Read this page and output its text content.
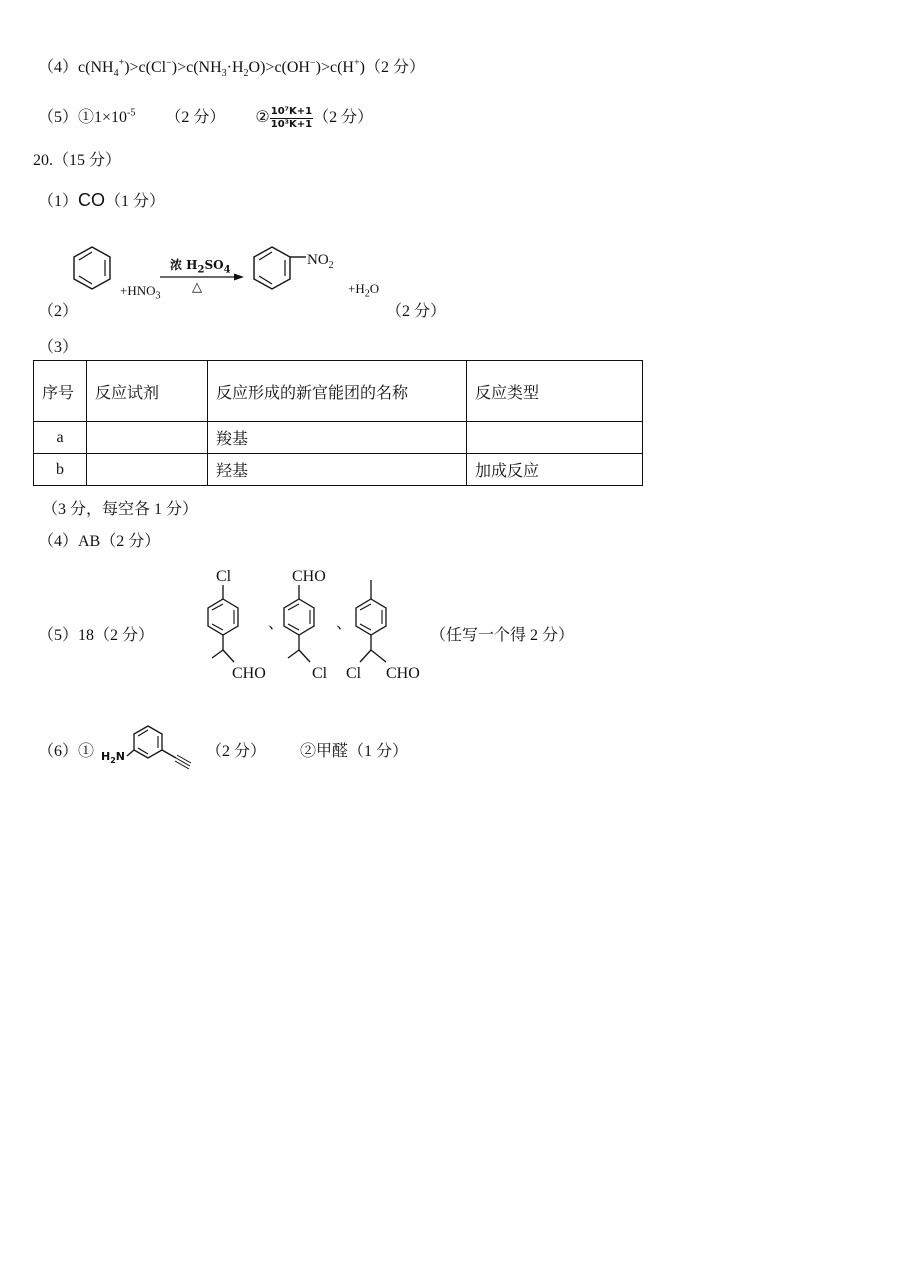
$(4)c(NH_4^+)>c(Cl^-)>c(NH_3\cdot H_2O)>c(OH^-)>c(H^+)(2$ 分）
$(5)①1\times 10^{-5}$ （2 分） ② $\frac{\text{10⁷K+1}}{\text{10³K+1}} (2$ 分）
20.（15 分）
（1）CO（1 分）
（2）
$+HNO_3$
浓 $H_2SO_4$
△
$NO_2$
$+H_2O$
（2 分）
（3）
序号	反应试剂	反应形成的新官能团的名称	反应类型
a		羧基	
b		羟基	加成反应
（3 分，每空各 1 分）
（4）AB（2 分）
（5）18（2 分）
Cl
CHO
、
CHO
Cl
、
Cl CHO
（任写一个得 2 分）
（6）① $H_2N$	（2 分） ②甲醛（1 分）
